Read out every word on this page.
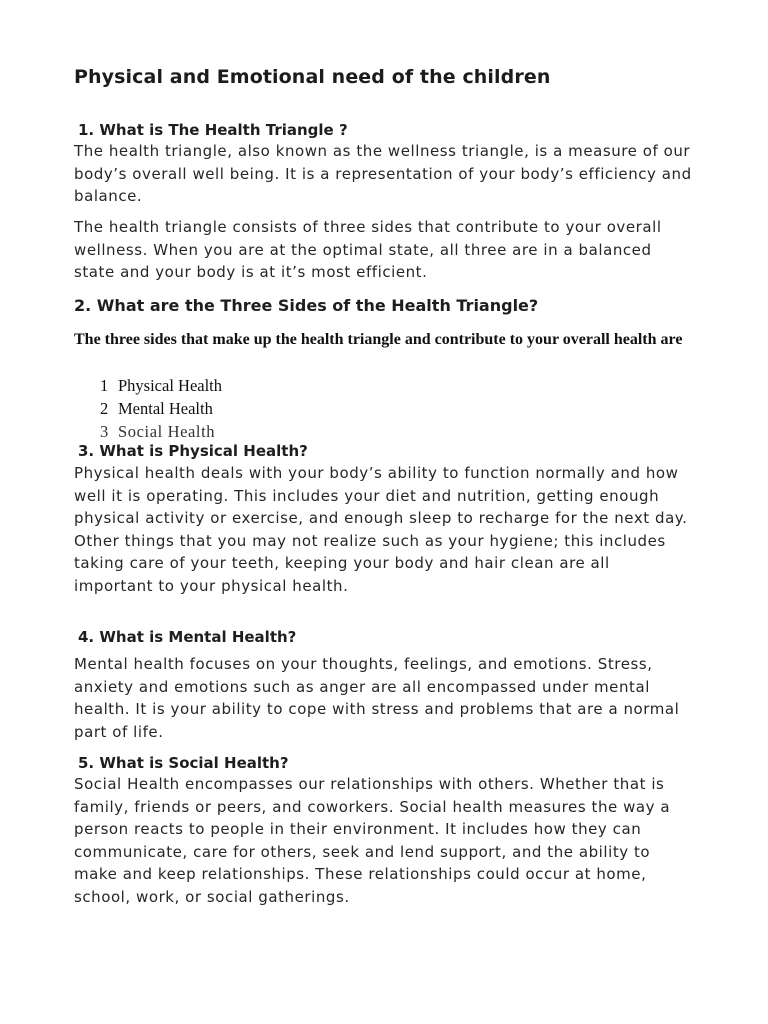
Physical and Emotional need of the children
1. What is The Health Triangle ?

The health triangle, also known as the wellness triangle, is a measure of our body’s overall well being. It is a representation of your body’s efficiency and balance.

The health triangle consists of three sides that contribute to your overall wellness. When you are at the optimal state, all three are in a balanced state and your body is at it’s most efficient.

2. What are the Three Sides of the Health Triangle?

The three sides that make up the health triangle and contribute to your overall health are

1 Physical Health
2 Mental Health
3 Social Health
3. What is Physical Health?

Physical health deals with your body’s ability to function normally and how well it is operating. This includes your diet and nutrition, getting enough physical activity or exercise, and enough sleep to recharge for the next day. Other things that you may not realize such as your hygiene; this includes taking care of your teeth, keeping your body and hair clean are all important to your physical health.

4. What is Mental Health?

Mental health focuses on your thoughts, feelings, and emotions. Stress, anxiety and emotions such as anger are all encompassed under mental health. It is your ability to cope with stress and problems that are a normal part of life.

5. What is Social Health?

Social Health encompasses our relationships with others. Whether that is family, friends or peers, and coworkers. Social health measures the way a person reacts to people in their environment. It includes how they can communicate, care for others, seek and lend support, and the ability to make and keep relationships. These relationships could occur at home, school, work, or social gatherings.
